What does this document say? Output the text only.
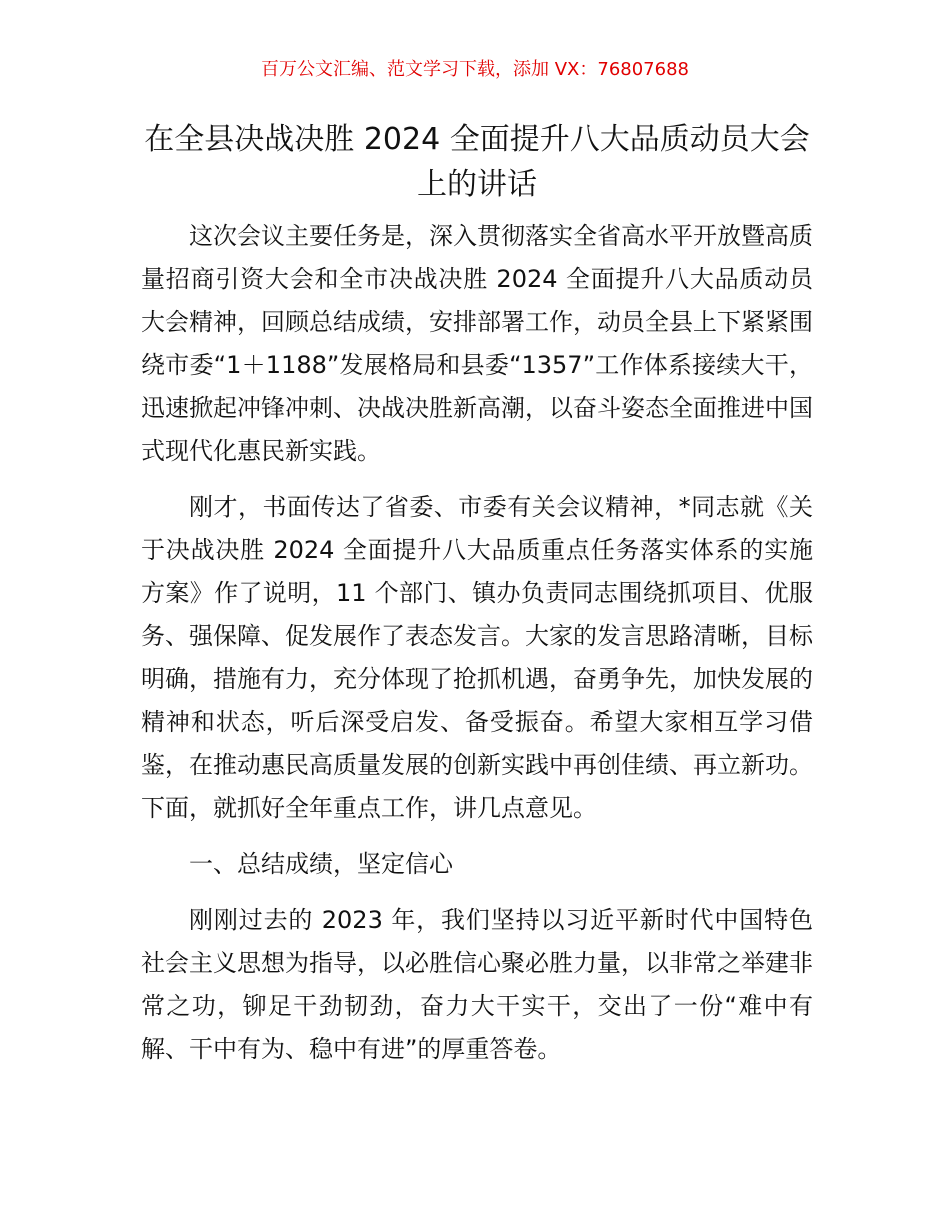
百万公文汇编、范文学习下载，添加 VX：76807688
在全县决战决胜 2024 全面提升八大品质动员大会上的讲话

这次会议主要任务是，深入贯彻落实全省高水平开放暨高质量招商引资大会和全市决战决胜 2024 全面提升八大品质动员大会精神，回顾总结成绩，安排部署工作，动员全县上下紧紧围绕市委“1＋1188”发展格局和县委“1357”工作体系接续大干，迅速掀起冲锋冲刺、决战决胜新高潮，以奋斗姿态全面推进中国式现代化惠民新实践。

刚才，书面传达了省委、市委有关会议精神，*同志就《关于决战决胜 2024 全面提升八大品质重点任务落实体系的实施方案》作了说明，11 个部门、镇办负责同志围绕抓项目、优服务、强保障、促发展作了表态发言。大家的发言思路清晰，目标明确，措施有力，充分体现了抢抓机遇，奋勇争先，加快发展的精神和状态，听后深受启发、备受振奋。希望大家相互学习借鉴，在推动惠民高质量发展的创新实践中再创佳绩、再立新功。下面，就抓好全年重点工作，讲几点意见。

一、总结成绩，坚定信心

刚刚过去的 2023 年，我们坚持以习近平新时代中国特色社会主义思想为指导，以必胜信心聚必胜力量，以非常之举建非常之功，铆足干劲韧劲，奋力大干实干，交出了一份“难中有解、干中有为、稳中有进”的厚重答卷。
